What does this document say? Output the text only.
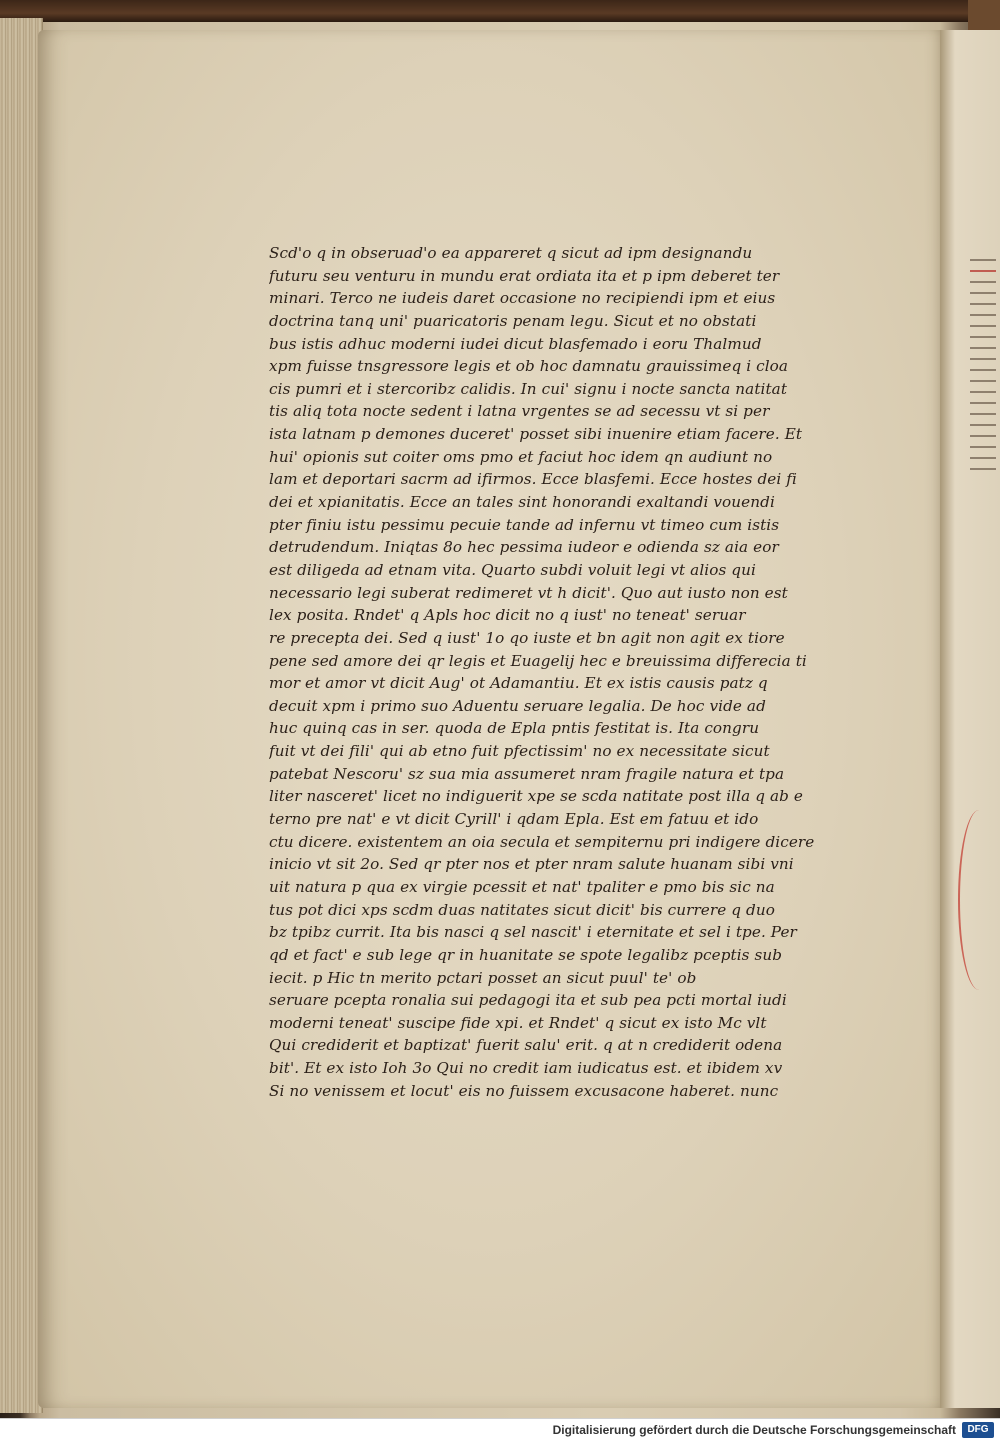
Scd'o q in obseruad'o ea appareret q sicut ad ipm designandu
futuru seu venturu in mundu erat ordiata ita et p ipm deberet ter
minari. Terco ne iudeis daret occasione no recipiendi ipm et eius
doctrina tanq uni' puaricatoris penam legu. Sicut et no obstati
bus istis adhuc moderni iudei dicut blasfemado i eoru Thalmud
xpm fuisse tnsgressore legis et ob hoc damnatu grauissimeq i cloa
cis pumri et i stercoribz calidis. In cui' signu i nocte sancta natitat
tis aliq tota nocte sedent i latna vrgentes se ad secessu vt si per
ista latnam p demones duceret' posset sibi inuenire etiam facere. Et
hui' opionis sut coiter oms pmo et faciut hoc idem qn audiunt no
lam et deportari sacrm ad ifirmos. Ecce blasfemi. Ecce hostes dei fi
dei et xpianitatis. Ecce an tales sint honorandi exaltandi vouendi
pter finiu istu pessimu pecuie tande ad infernu vt timeo cum istis
detrudendum. Iniqtas 8o hec pessima iudeor e odienda sz aia eor
est diligeda ad etnam vita. Quarto subdi voluit legi vt alios qui
necessario legi suberat redimeret vt h dicit'. Quo aut iusto non est
lex posita. Rndet' q Apls hoc dicit no q iust' no teneat' seruar
re precepta dei. Sed q iust' 1o qo iuste et bn agit non agit ex tiore
pene sed amore dei qr legis et Euagelij hec e breuissima differecia ti
mor et amor vt dicit Aug' ot Adamantiu. Et ex istis causis patz q
decuit xpm i primo suo Aduentu seruare legalia. De hoc vide ad
huc quinq cas in ser. quoda de Epla pntis festitat is. Ita congru
fuit vt dei fili' qui ab etno fuit pfectissim' no ex necessitate sicut
patebat Nescoru' sz sua mia assumeret nram fragile natura et tpa
liter nasceret' licet no indiguerit xpe se scda natitate post illa q ab e
terno pre nat' e vt dicit Cyrill' i qdam Epla. Est em fatuu et ido
ctu dicere. existentem an oia secula et sempiternu pri indigere dicere
inicio vt sit 2o. Sed qr pter nos et pter nram salute huanam sibi vni
uit natura p qua ex virgie pcessit et nat' tpaliter e pmo bis sic na
tus pot dici xps scdm duas natitates sicut dicit' bis currere q duo
bz tpibz currit. Ita bis nasci q sel nascit' i eternitate et sel i tpe. Per
qd et fact' e sub lege qr in huanitate se spote legalibz pceptis sub
iecit. p Hic tn merito pctari posset an sicut puul' te' ob
seruare pcepta ronalia sui pedagogi ita et sub pea pcti mortal iudi
moderni teneat' suscipe fide xpi. et Rndet' q sicut ex isto Mc vlt
Qui crediderit et baptizat' fuerit salu' erit. q at n crediderit odena
bit'. Et ex isto Ioh 3o Qui no credit iam iudicatus est. et ibidem xv
Si no venissem et locut' eis no fuissem excusacone haberet. nunc
Digitalisierung gefördert durch die Deutsche Forschungsgemeinschaft	DFG
